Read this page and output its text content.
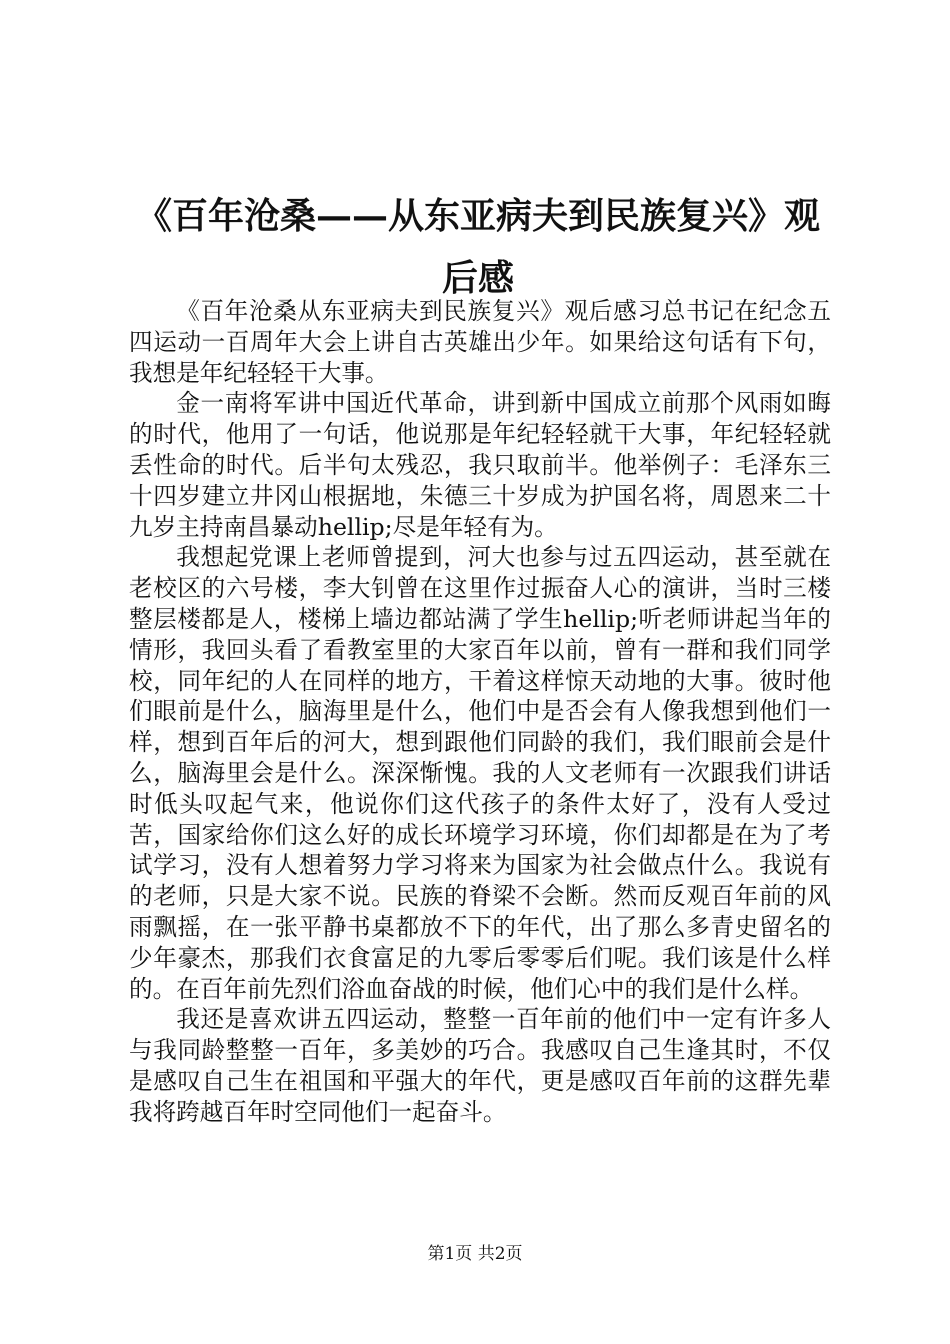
《百年沧桑——从东亚病夫到民族复兴》观后感

《百年沧桑从东亚病夫到民族复兴》观后感习总书记在纪念五四运动一百周年大会上讲自古英雄出少年。如果给这句话有下句，我想是年纪轻轻干大事。

金一南将军讲中国近代革命，讲到新中国成立前那个风雨如晦的时代，他用了一句话，他说那是年纪轻轻就干大事，年纪轻轻就丢性命的时代。后半句太残忍，我只取前半。他举例子：毛泽东三十四岁建立井冈山根据地，朱德三十岁成为护国名将，周恩来二十九岁主持南昌暴动hellip;尽是年轻有为。

我想起党课上老师曾提到，河大也参与过五四运动，甚至就在老校区的六号楼，李大钊曾在这里作过振奋人心的演讲，当时三楼整层楼都是人，楼梯上墙边都站满了学生hellip;听老师讲起当年的情形，我回头看了看教室里的大家百年以前，曾有一群和我们同学校，同年纪的人在同样的地方，干着这样惊天动地的大事。彼时他们眼前是什么，脑海里是什么，他们中是否会有人像我想到他们一样，想到百年后的河大，想到跟他们同龄的我们，我们眼前会是什么，脑海里会是什么。深深惭愧。我的人文老师有一次跟我们讲话时低头叹起气来，他说你们这代孩子的条件太好了，没有人受过苦，国家给你们这么好的成长环境学习环境，你们却都是在为了考试学习，没有人想着努力学习将来为国家为社会做点什么。我说有的老师，只是大家不说。民族的脊梁不会断。然而反观百年前的风雨飘摇，在一张平静书桌都放不下的年代，出了那么多青史留名的少年豪杰，那我们衣食富足的九零后零零后们呢。我们该是什么样的。在百年前先烈们浴血奋战的时候，他们心中的我们是什么样。

我还是喜欢讲五四运动，整整一百年前的他们中一定有许多人与我同龄整整一百年，多美妙的巧合。我感叹自己生逢其时，不仅是感叹自己生在祖国和平强大的年代，更是感叹百年前的这群先辈我将跨越百年时空同他们一起奋斗。

第1页 共2页
